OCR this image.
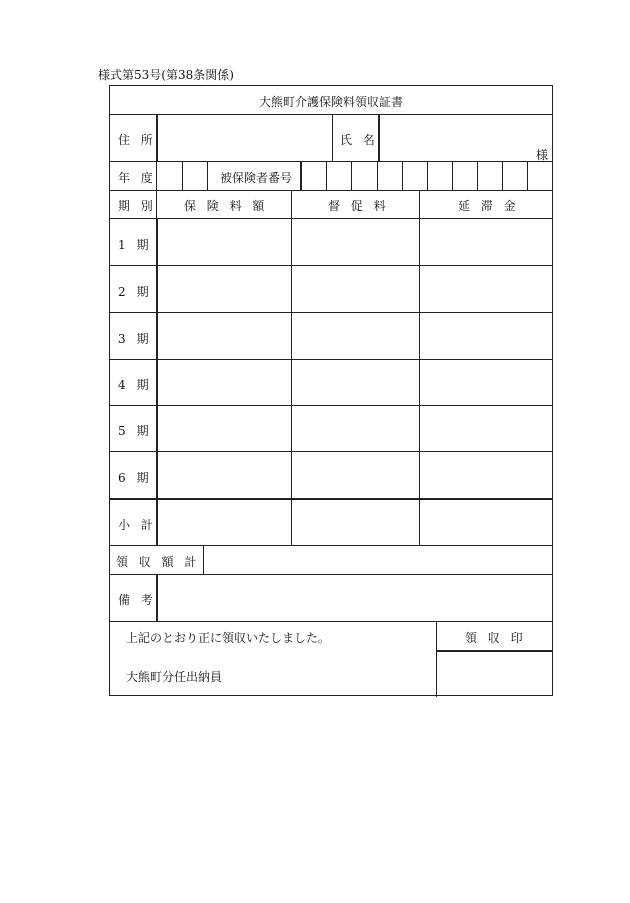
様式第53号(第38条関係)
大熊町介護保険料領収証書
住所	氏名
様
年度	被保険者番号
期別 保険料額	督促料	延滞金
1 期
2 期
3 期
4 期
5 期
6 期
小計
領収額計
備考
上記のとおり正に領収いたしました。
大熊町分任出納員
領収印
